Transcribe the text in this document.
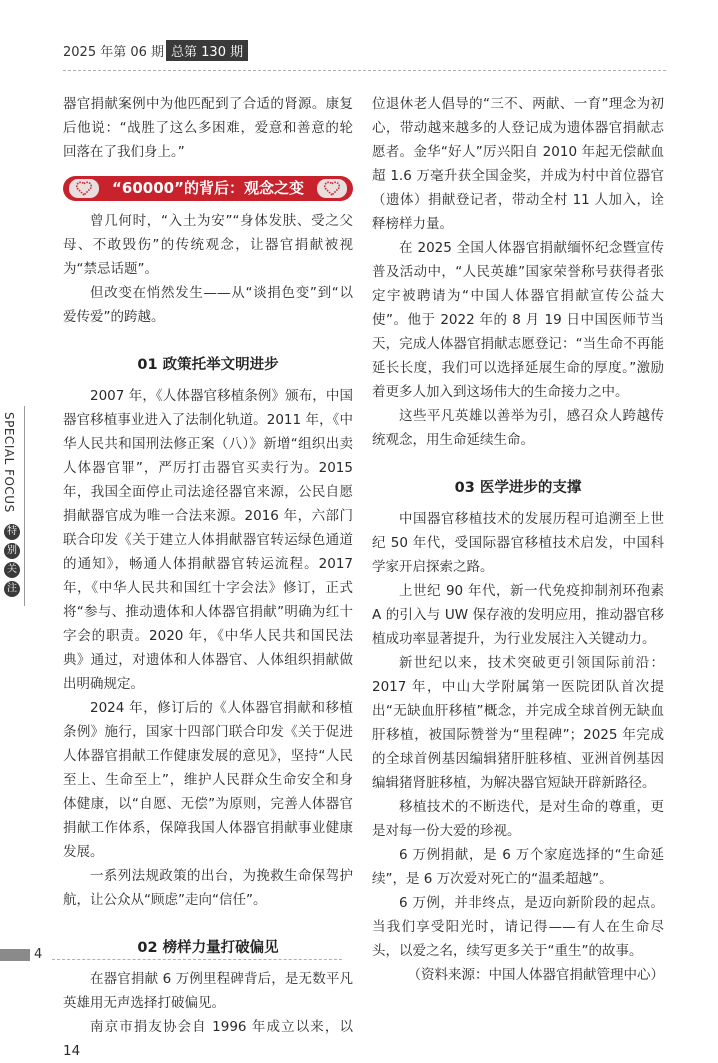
2025 年第 06 期 总第 130 期
SPECIAL FOCUS
特
别
关
注

器官捐献案例中为他匹配到了合适的肾源。康复后他说：“战胜了这么多困难，爱意和善意的轮回落在了我们身上。”

“60000”的背后：观念之变

曾几何时，“入土为安”“身体发肤、受之父母、不敢毁伤”的传统观念，让器官捐献被视为“禁忌话题”。

但改变在悄然发生——从“谈捐色变”到“以爱传爱”的跨越。

01 政策托举文明进步

2007 年，《人体器官移植条例》颁布，中国器官移植事业进入了法制化轨道。2011 年，《中华人民共和国刑法修正案（八）》新增“组织出卖人体器官罪”，严厉打击器官买卖行为。2015 年，我国全面停止司法途径器官来源，公民自愿捐献器官成为唯一合法来源。2016 年，六部门联合印发《关于建立人体捐献器官转运绿色通道的通知》，畅通人体捐献器官转运流程。2017 年，《中华人民共和国红十字会法》修订，正式将“参与、推动遗体和人体器官捐献”明确为红十字会的职责。2020 年，《中华人民共和国民法典》通过，对遗体和人体器官、人体组织捐献做出明确规定。

2024 年，修订后的《人体器官捐献和移植条例》施行，国家十四部门联合印发《关于促进人体器官捐献工作健康发展的意见》，坚持“人民至上、生命至上”，维护人民群众生命安全和身体健康，以“自愿、无偿”为原则，完善人体器官捐献工作体系，保障我国人体器官捐献事业健康发展。

一系列法规政策的出台，为挽救生命保驾护航，让公众从“顾虑”走向“信任”。

02 榜样力量打破偏见

在器官捐献 6 万例里程碑背后，是无数平凡英雄用无声选择打破偏见。

南京市捐友协会自 1996 年成立以来，以 14

位退休老人倡导的“三不、两献、一育”理念为初心，带动越来越多的人登记成为遗体器官捐献志愿者。金华“好人”厉兴阳自 2010 年起无偿献血超 1.6 万毫升获全国金奖，并成为村中首位器官（遗体）捐献登记者，带动全村 11 人加入，诠释榜样力量。

在 2025 全国人体器官捐献缅怀纪念暨宣传普及活动中，“人民英雄”国家荣誉称号获得者张定宇被聘请为“中国人体器官捐献宣传公益大使”。他于 2022 年的 8 月 19 日中国医师节当天，完成人体器官捐献志愿登记：“当生命不再能延长长度，我们可以选择延展生命的厚度。”激励着更多人加入到这场伟大的生命接力之中。

这些平凡英雄以善举为引，感召众人跨越传统观念，用生命延续生命。

03 医学进步的支撑

中国器官移植技术的发展历程可追溯至上世纪 50 年代，受国际器官移植技术启发，中国科学家开启探索之路。

上世纪 90 年代，新一代免疫抑制剂环孢素 A 的引入与 UW 保存液的发明应用，推动器官移植成功率显著提升，为行业发展注入关键动力。

新世纪以来，技术突破更引领国际前沿：2017 年，中山大学附属第一医院团队首次提出“无缺血肝移植”概念，并完成全球首例无缺血肝移植，被国际赞誉为“里程碑”；2025 年完成的全球首例基因编辑猪肝脏移植、亚洲首例基因编辑猪肾脏移植，为解决器官短缺开辟新路径。

移植技术的不断迭代，是对生命的尊重，更是对每一份大爱的珍视。

6 万例捐献，是 6 万个家庭选择的“生命延续”，是 6 万次爱对死亡的“温柔超越”。

6 万例，并非终点，是迈向新阶段的起点。当我们享受阳光时，请记得——有人在生命尽头，以爱之名，续写更多关于“重生”的故事。

（资料来源：中国人体器官捐献管理中心）

4
